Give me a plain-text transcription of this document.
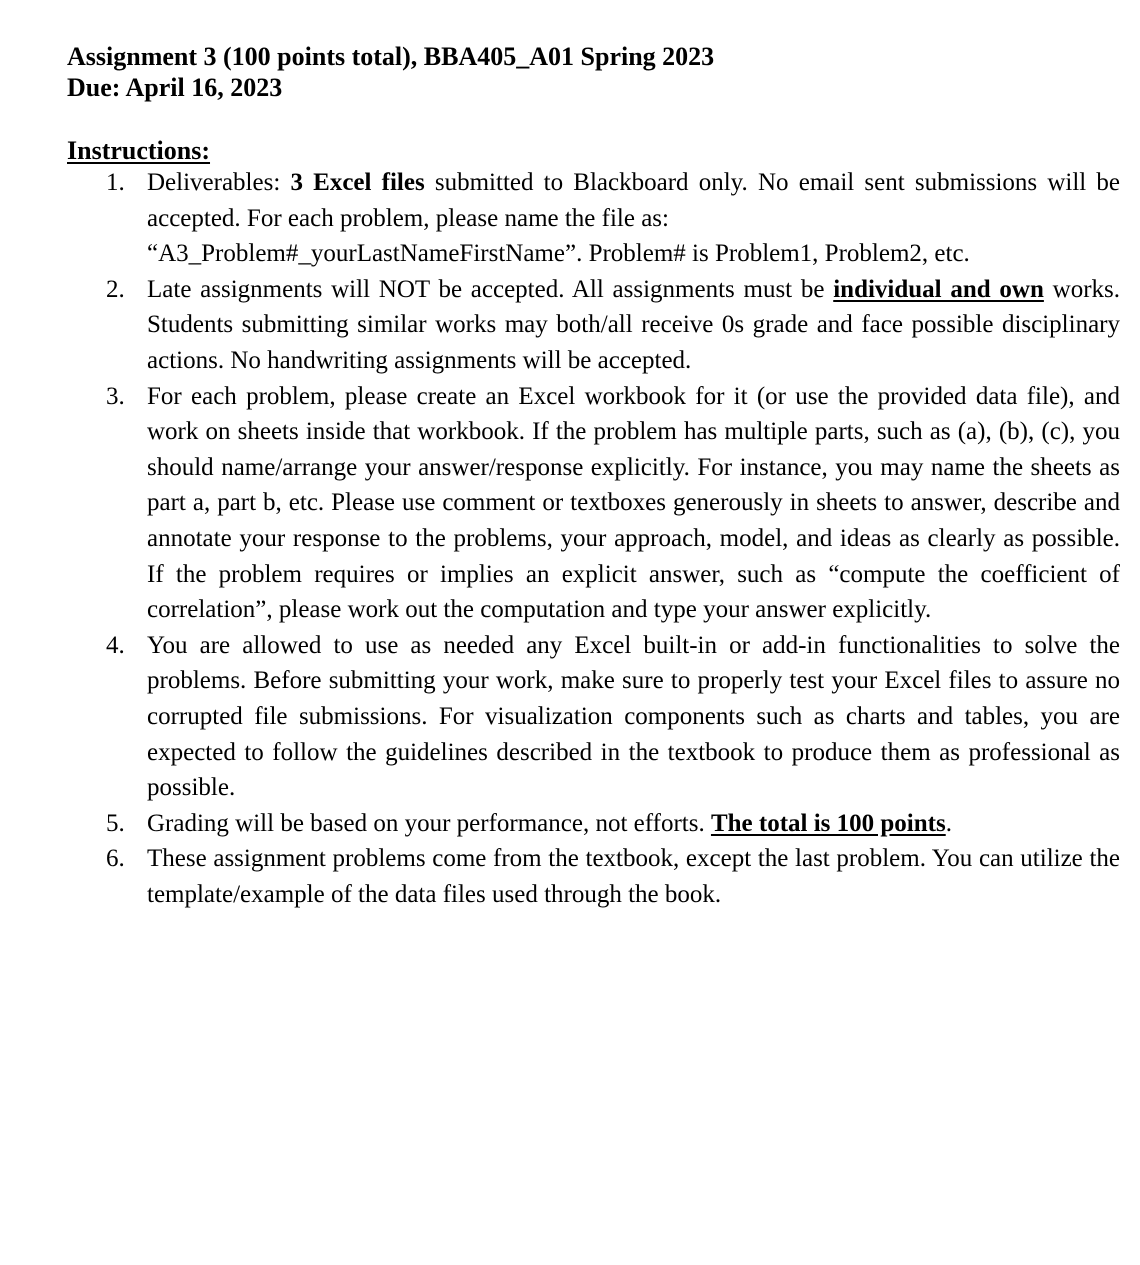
Assignment 3 (100 points total), BBA405_A01 Spring 2023
Due: April 16, 2023
Instructions:
1. Deliverables: 3 Excel files submitted to Blackboard only. No email sent submissions will be accepted. For each problem, please name the file as:
“A3_Problem#_yourLastNameFirstName”. Problem# is Problem1, Problem2, etc.
2. Late assignments will NOT be accepted. All assignments must be individual and own works. Students submitting similar works may both/all receive 0s grade and face possible disciplinary actions. No handwriting assignments will be accepted.
3. For each problem, please create an Excel workbook for it (or use the provided data file), and work on sheets inside that workbook. If the problem has multiple parts, such as (a), (b), (c), you should name/arrange your answer/response explicitly. For instance, you may name the sheets as part a, part b, etc. Please use comment or textboxes generously in sheets to answer, describe and annotate your response to the problems, your approach, model, and ideas as clearly as possible. If the problem requires or implies an explicit answer, such as “compute the coefficient of correlation”, please work out the computation and type your answer explicitly.
4. You are allowed to use as needed any Excel built-in or add-in functionalities to solve the problems. Before submitting your work, make sure to properly test your Excel files to assure no corrupted file submissions. For visualization components such as charts and tables, you are expected to follow the guidelines described in the textbook to produce them as professional as possible.
5. Grading will be based on your performance, not efforts. The total is 100 points.
6. These assignment problems come from the textbook, except the last problem. You can utilize the template/example of the data files used through the book.
